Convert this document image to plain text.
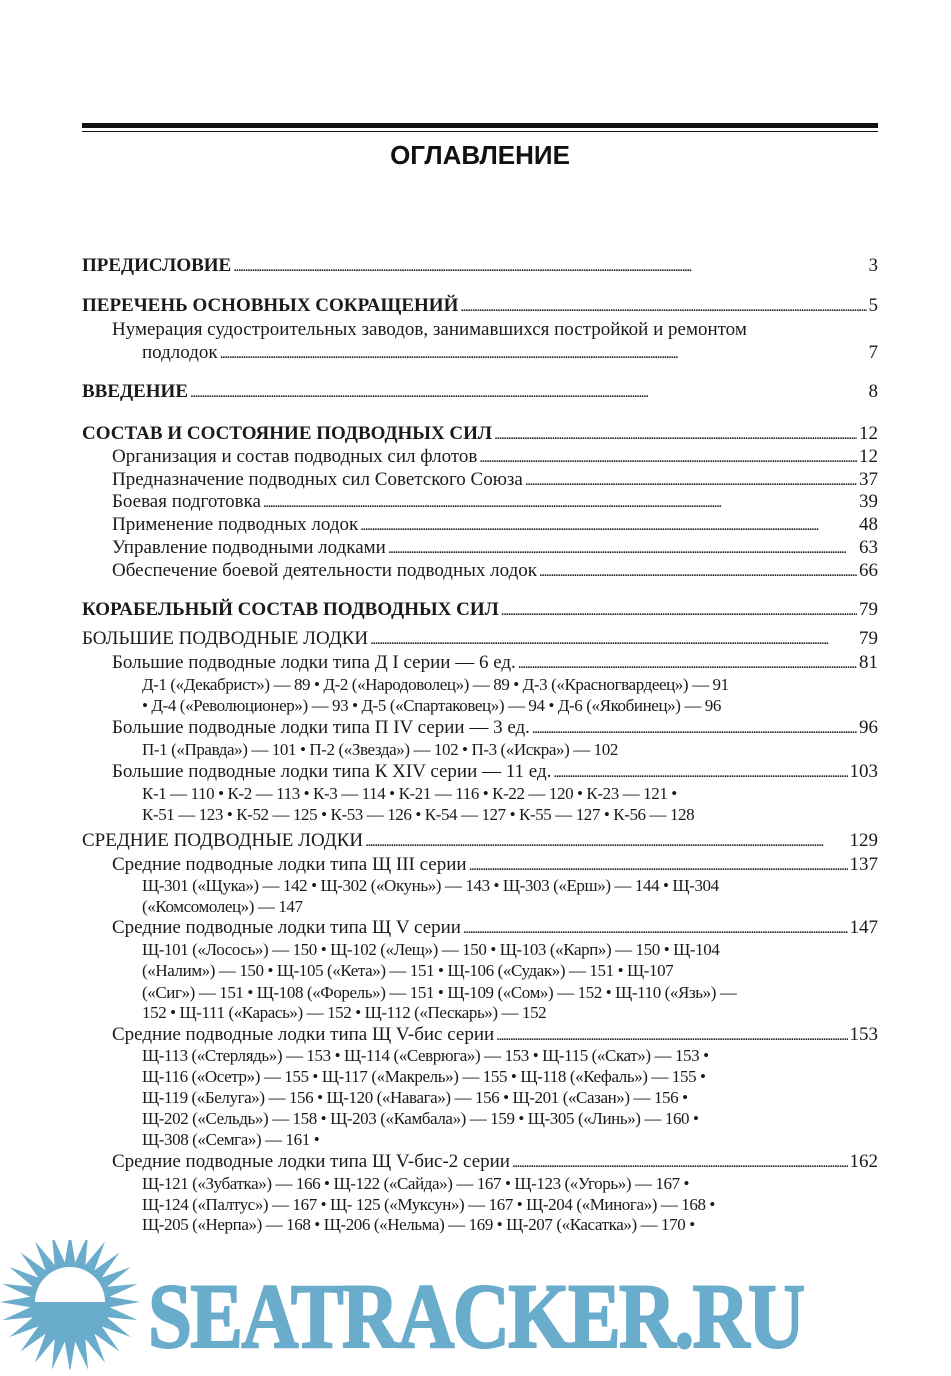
ОГЛАВЛЕНИЕ
ПРЕДИСЛОВИЕ . . .	3
ПЕРЕЧЕНЬ ОСНОВНЫХ СОКРАЩЕНИЙ . . .	5
Нумерация судостроительных заводов, занимавшихся постройкой и ремонтом
подлодок . . .	7
ВВЕДЕНИЕ . . .	8
СОСТАВ И СОСТОЯНИЕ ПОДВОДНЫХ СИЛ . . .	12
Организация и состав подводных сил флотов . . .	12
Предназначение подводных сил Советского Союза . . .	37
Боевая подготовка . . .	39
Применение подводных лодок . . .	48
Управление подводными лодками . . .	63
Обеспечение боевой деятельности подводных лодок . . .	66
КОРАБЕЛЬНЫЙ СОСТАВ ПОДВОДНЫХ СИЛ . . .	79
БОЛЬШИЕ ПОДВОДНЫЕ ЛОДКИ . . .	79
Большие подводные лодки типа Д I серии — 6 ед. . . .	81
Д-1 («Декабрист») — 89 • Д-2 («Народоволец») — 89 • Д-3 («Красногвардеец») — 91
• Д-4 («Революционер») — 93 • Д-5 («Спартаковец») — 94 • Д-6 («Якобинец») — 96
Большие подводные лодки типа П IV серии — 3 ед. . . .	96
П-1 («Правда») — 101 • П-2 («Звезда») — 102 • П-3 («Искра») — 102
Большие подводные лодки типа К XIV серии — 11 ед. . . .	103
К-1 — 110 • К-2 — 113 • К-3 — 114 • К-21 — 116 • К-22 — 120 • К-23 — 121 •
К-51 — 123 • К-52 — 125 • К-53 — 126 • К-54 — 127 • К-55 — 127 • К-56 — 128
СРЕДНИЕ ПОДВОДНЫЕ ЛОДКИ . . .	129
Средние подводные лодки типа Щ III серии . . .	137
Щ-301 («Щука») — 142 • Щ-302 («Окунь») — 143 • Щ-303 («Ерш») — 144 • Щ-304
(«Комсомолец») — 147
Средние подводные лодки типа Щ V серии . . .	147
Щ-101 («Лосось») — 150 • Щ-102 («Лещ») — 150 • Щ-103 («Карп») — 150 • Щ-104
(«Налим») — 150 • Щ-105 («Кета») — 151 • Щ-106 («Судак») — 151 • Щ-107
(«Сиг») — 151 • Щ-108 («Форель») — 151 • Щ-109 («Сом») — 152 • Щ-110 («Язь») —
152 • Щ-111 («Карась») — 152 • Щ-112 («Пескарь») — 152
Средние подводные лодки типа Щ V-бис серии . . .	153
Щ-113 («Стерлядь») — 153 • Щ-114 («Севрюга») — 153 • Щ-115 («Скат») — 153 •
Щ-116 («Осетр») — 155 • Щ-117 («Макрель») — 155 • Щ-118 («Кефаль») — 155 •
Щ-119 («Белуга») — 156 • Щ-120 («Навага») — 156 • Щ-201 («Сазан») — 156 •
Щ-202 («Сельдь») — 158 • Щ-203 («Камбала») — 159 • Щ-305 («Линь») — 160 •
Щ-308 («Семга») — 161 •
Средние подводные лодки типа Щ V-бис-2 серии . . .	162
Щ-121 («Зубатка») — 166 • Щ-122 («Сайда») — 167 • Щ-123 («Угорь») — 167 •
Щ-124 («Палтус») — 167 • Щ- 125 («Муксун») — 167 • Щ-204 («Минога») — 168 •
Щ-205 («Нерпа») — 168 • Щ-206 («Нельма) — 169 • Щ-207 («Касатка») — 170 •
SEATRACKER.RU
